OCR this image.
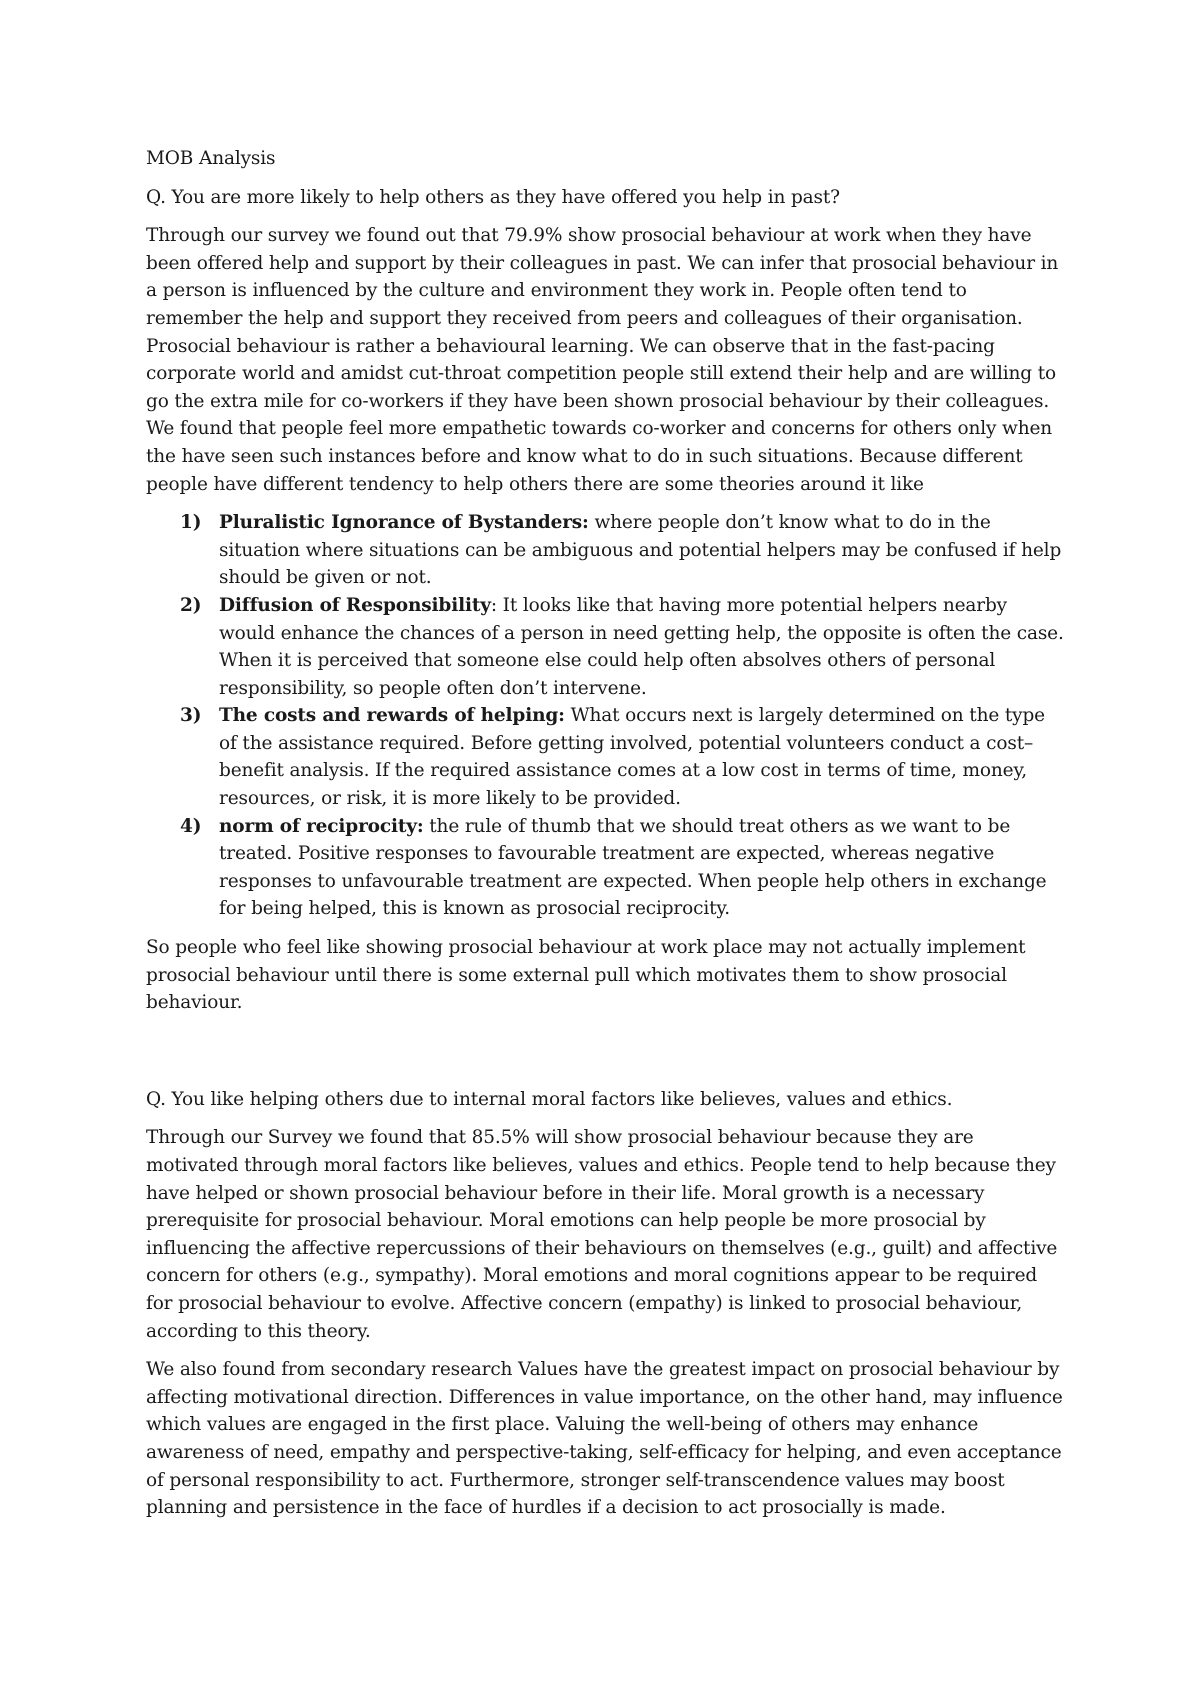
MOB Analysis

Q. You are more likely to help others as they have offered you help in past?

Through our survey we found out that 79.9% show prosocial behaviour at work when they have been offered help and support by their colleagues in past. We can infer that prosocial behaviour in a person is influenced by the culture and environment they work in. People often tend to remember the help and support they received from peers and colleagues of their organisation. Prosocial behaviour is rather a behavioural learning. We can observe that in the fast-pacing corporate world and amidst cut-throat competition people still extend their help and are willing to go the extra mile for co-workers if they have been shown prosocial behaviour by their colleagues. We found that people feel more empathetic towards co-worker and concerns for others only when the have seen such instances before and know what to do in such situations. Because different people have different tendency to help others there are some theories around it like

1) Pluralistic Ignorance of Bystanders: where people don’t know what to do in the situation where situations can be ambiguous and potential helpers may be confused if help should be given or not.
2) Diffusion of Responsibility: It looks like that having more potential helpers nearby would enhance the chances of a person in need getting help, the opposite is often the case. When it is perceived that someone else could help often absolves others of personal responsibility, so people often don’t intervene.
3) The costs and rewards of helping: What occurs next is largely determined on the type of the assistance required. Before getting involved, potential volunteers conduct a cost–benefit analysis. If the required assistance comes at a low cost in terms of time, money, resources, or risk, it is more likely to be provided.
4) norm of reciprocity: the rule of thumb that we should treat others as we want to be treated. Positive responses to favourable treatment are expected, whereas negative responses to unfavourable treatment are expected. When people help others in exchange for being helped, this is known as prosocial reciprocity.

So people who feel like showing prosocial behaviour at work place may not actually implement prosocial behaviour until there is some external pull which motivates them to show prosocial behaviour.

Q. You like helping others due to internal moral factors like believes, values and ethics.

Through our Survey we found that 85.5% will show prosocial behaviour because they are motivated through moral factors like believes, values and ethics. People tend to help because they have helped or shown prosocial behaviour before in their life. Moral growth is a necessary prerequisite for prosocial behaviour. Moral emotions can help people be more prosocial by influencing the affective repercussions of their behaviours on themselves (e.g., guilt) and affective concern for others (e.g., sympathy). Moral emotions and moral cognitions appear to be required for prosocial behaviour to evolve. Affective concern (empathy) is linked to prosocial behaviour, according to this theory.

We also found from secondary research Values have the greatest impact on prosocial behaviour by affecting motivational direction. Differences in value importance, on the other hand, may influence which values are engaged in the first place. Valuing the well-being of others may enhance awareness of need, empathy and perspective-taking, self-efficacy for helping, and even acceptance of personal responsibility to act. Furthermore, stronger self-transcendence values may boost planning and persistence in the face of hurdles if a decision to act prosocially is made.
